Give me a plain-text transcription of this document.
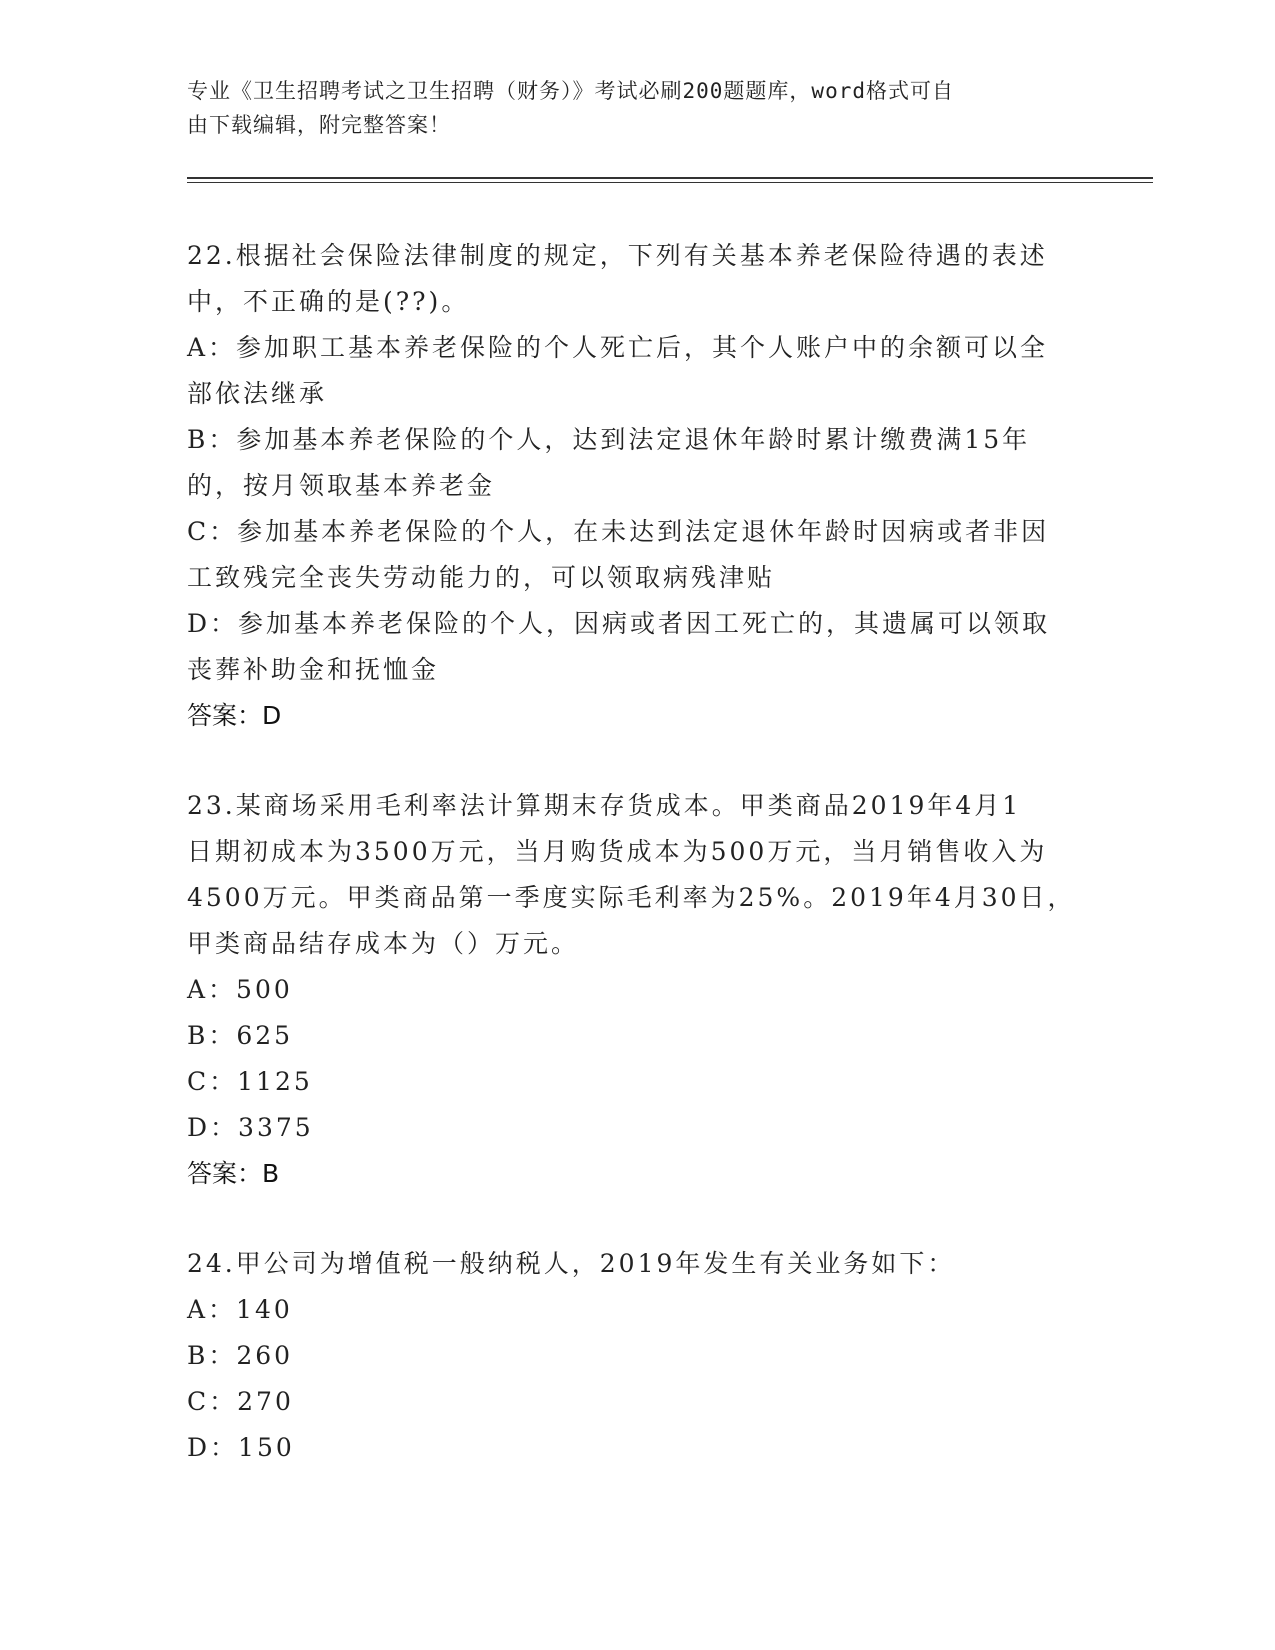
专业《卫生招聘考试之卫生招聘（财务）》考试必刷200题题库，word格式可自
由下载编辑，附完整答案！

22.根据社会保险法律制度的规定，下列有关基本养老保险待遇的表述

中，不正确的是(??)。

A：参加职工基本养老保险的个人死亡后，其个人账户中的余额可以全

部依法继承

B：参加基本养老保险的个人，达到法定退休年龄时累计缴费满15年

的，按月领取基本养老金

C：参加基本养老保险的个人，在未达到法定退休年龄时因病或者非因

工致残完全丧失劳动能力的，可以领取病残津贴

D：参加基本养老保险的个人，因病或者因工死亡的，其遗属可以领取

丧葬补助金和抚恤金

答案：D

23.某商场采用毛利率法计算期末存货成本。甲类商品2019年4月1

日期初成本为3500万元，当月购货成本为500万元，当月销售收入为

4500万元。甲类商品第一季度实际毛利率为25%。2019年4月30日，

甲类商品结存成本为（）万元。

A：500

B：625

C：1125

D：3375

答案：B

24.甲公司为增值税一般纳税人，2019年发生有关业务如下：

A：140

B：260

C：270

D：150
